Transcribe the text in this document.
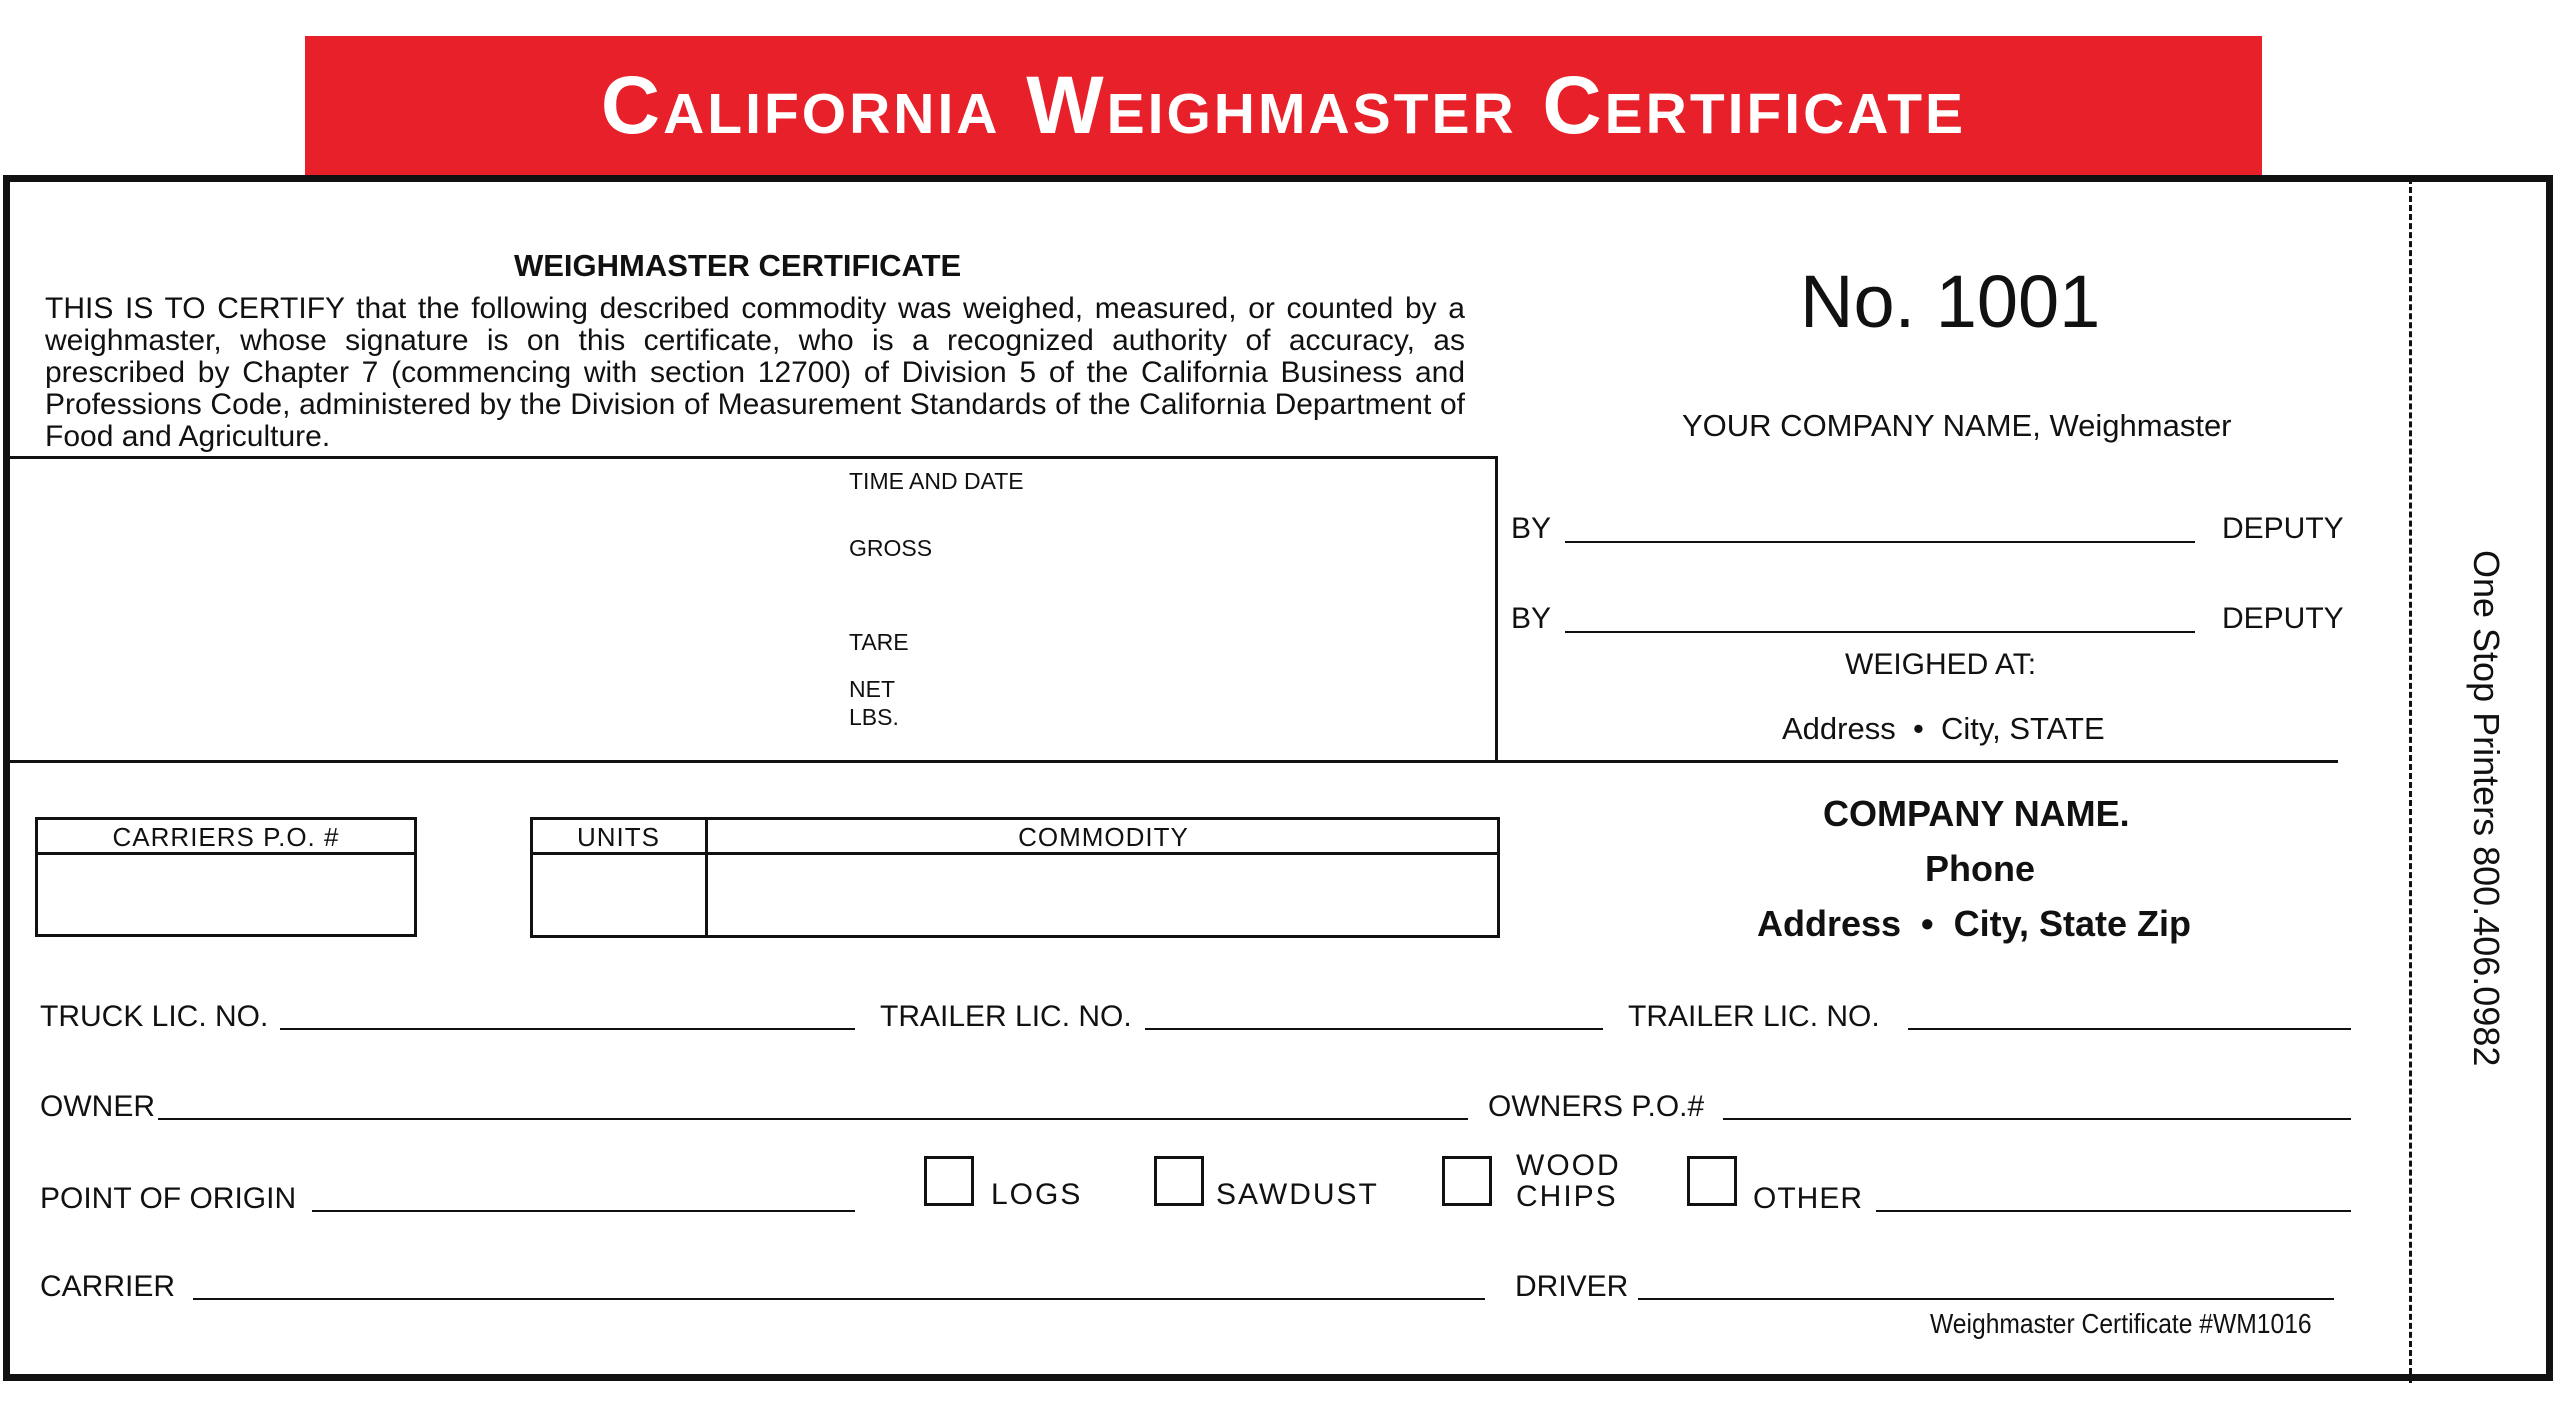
California Weighmaster Certificate
WEIGHMASTER CERTIFICATE
THIS IS TO CERTIFY that the following described commodity was weighed, measured, or counted by a weighmaster, whose signature is on this certificate, who is a recognized authority of accuracy, as prescribed by Chapter 7 (commencing with section 12700) of Division 5 of the California Business and Professions Code, administered by the Division of Measurement Standards of the California Department of Food and Agriculture.
No. 1001
YOUR COMPANY NAME, Weighmaster
TIME AND DATE
GROSS
TARE
NET
LBS.
BY	DEPUTY
BY	DEPUTY
WEIGHED AT:
Address  •  City, STATE
COMPANY NAME.
Phone
Address  •  City, State Zip
CARRIERS P.O. #	UNITS	COMMODITY
TRUCK LIC. NO.	TRAILER LIC. NO.	TRAILER LIC. NO.
OWNER	OWNERS P.O.#
POINT OF ORIGIN	LOGS	SAWDUST
WOOD
CHIPS	OTHER
CARRIER	DRIVER
Weighmaster Certificate #WM1016
One Stop Printers 800.406.0982
